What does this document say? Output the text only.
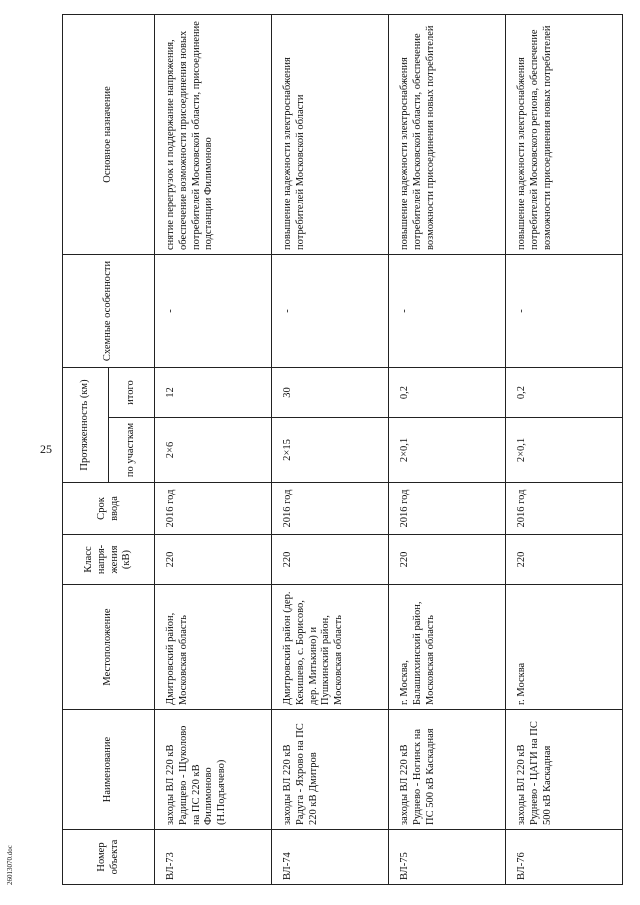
25
26013070.doc	Номер объекта	Наименование	Местоположение	Класс напря-жения (кВ)	Срок ввода	Протяженность (км)		Схемные особенности	Основное назначение
					по участкам	итого		
ВЛ-73	заходы ВЛ 220 кВ Радищево - Щуколово на ПС 220 кВ Филимоново (Н.Подъячево)	Дмитровский район, Московская область	220	2016 год	2×6	12	-	снятие перегрузок и поддержание напряжения, обеспечение возможности присоединения новых потребителей Московской области, присоединение подстанции Филимоново
ВЛ-74	заходы ВЛ 220 кВ Радуга - Яхрово на ПС 220 кВ Дмитров	Дмитровский район (дер. Кекишево, с. Борисово, дер. Митькино) и Пушкинский район, Московская область	220	2016 год	2×15	30	-	повышение надежности электроснабжения потребителей Московской области
ВЛ-75	заходы ВЛ 220 кВ Руднево - Ногинск на ПС 500 кВ Каскадная	г. Москва, Балашихинский район, Московская область	220	2016 год	2×0,1	0,2	-	повышение надежности электроснабжения потребителей Московской области, обеспечение возможности присоединения новых потребителей
ВЛ-76	заходы ВЛ 220 кВ Руднево - ЦАГИ на ПС 500 кВ Каскадная	г. Москва	220	2016 год	2×0,1	0,2	-	повышение надежности электроснабжения потребителей Московского региона, обеспечение возможности присоединения новых потребителей
